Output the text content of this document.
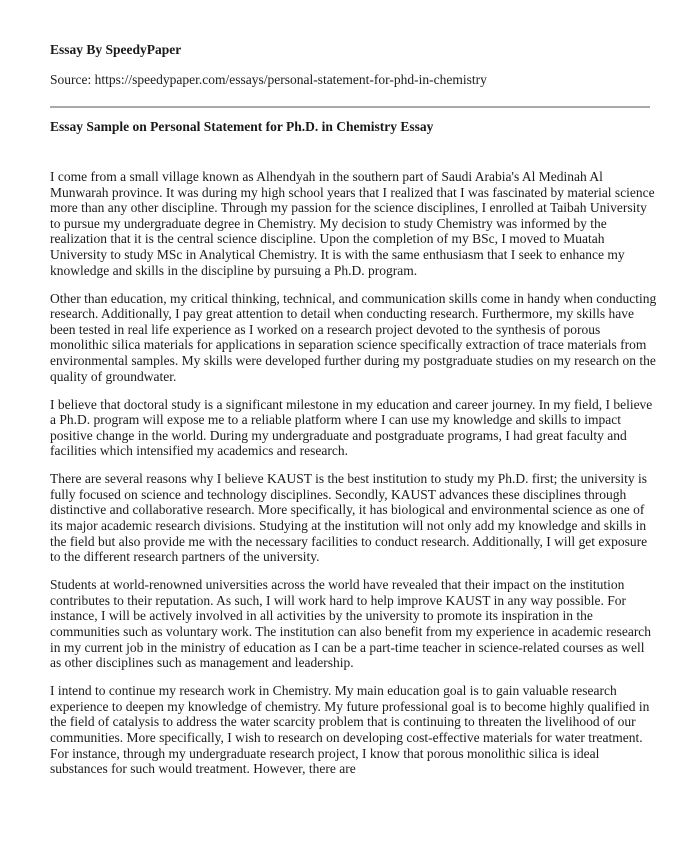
Essay By SpeedyPaper
Source: https://speedypaper.com/essays/personal-statement-for-phd-in-chemistry
Essay Sample on Personal Statement for Ph.D. in Chemistry Essay

I come from a small village known as Alhendyah in the southern part of Saudi Arabia's Al Medinah Al Munwarah province. It was during my high school years that I realized that I was fascinated by material science more than any other discipline. Through my passion for the science disciplines, I enrolled at Taibah University to pursue my undergraduate degree in Chemistry. My decision to study Chemistry was informed by the realization that it is the central science discipline. Upon the completion of my BSc, I moved to Muatah University to study MSc in Analytical Chemistry. It is with the same enthusiasm that I seek to enhance my knowledge and skills in the discipline by pursuing a Ph.D. program.

Other than education, my critical thinking, technical, and communication skills come in handy when conducting research. Additionally, I pay great attention to detail when conducting research. Furthermore, my skills have been tested in real life experience as I worked on a research project devoted to the synthesis of porous monolithic silica materials for applications in separation science specifically extraction of trace materials from environmental samples. My skills were developed further during my postgraduate studies on my research on the quality of groundwater.

I believe that doctoral study is a significant milestone in my education and career journey. In my field, I believe a Ph.D. program will expose me to a reliable platform where I can use my knowledge and skills to impact positive change in the world. During my undergraduate and postgraduate programs, I had great faculty and facilities which intensified my academics and research.

There are several reasons why I believe KAUST is the best institution to study my Ph.D. first; the university is fully focused on science and technology disciplines. Secondly, KAUST advances these disciplines through distinctive and collaborative research. More specifically, it has biological and environmental science as one of its major academic research divisions. Studying at the institution will not only add my knowledge and skills in the field but also provide me with the necessary facilities to conduct research. Additionally, I will get exposure to the different research partners of the university.

Students at world-renowned universities across the world have revealed that their impact on the institution contributes to their reputation. As such, I will work hard to help improve KAUST in any way possible. For instance, I will be actively involved in all activities by the university to promote its inspiration in the communities such as voluntary work. The institution can also benefit from my experience in academic research in my current job in the ministry of education as I can be a part-time teacher in science-related courses as well as other disciplines such as management and leadership.

I intend to continue my research work in Chemistry. My main education goal is to gain valuable research experience to deepen my knowledge of chemistry. My future professional goal is to become highly qualified in the field of catalysis to address the water scarcity problem that is continuing to threaten the livelihood of our communities. More specifically, I wish to research on developing cost-effective materials for water treatment. For instance, through my undergraduate research project, I know that porous monolithic silica is ideal substances for such would treatment. However, there are
